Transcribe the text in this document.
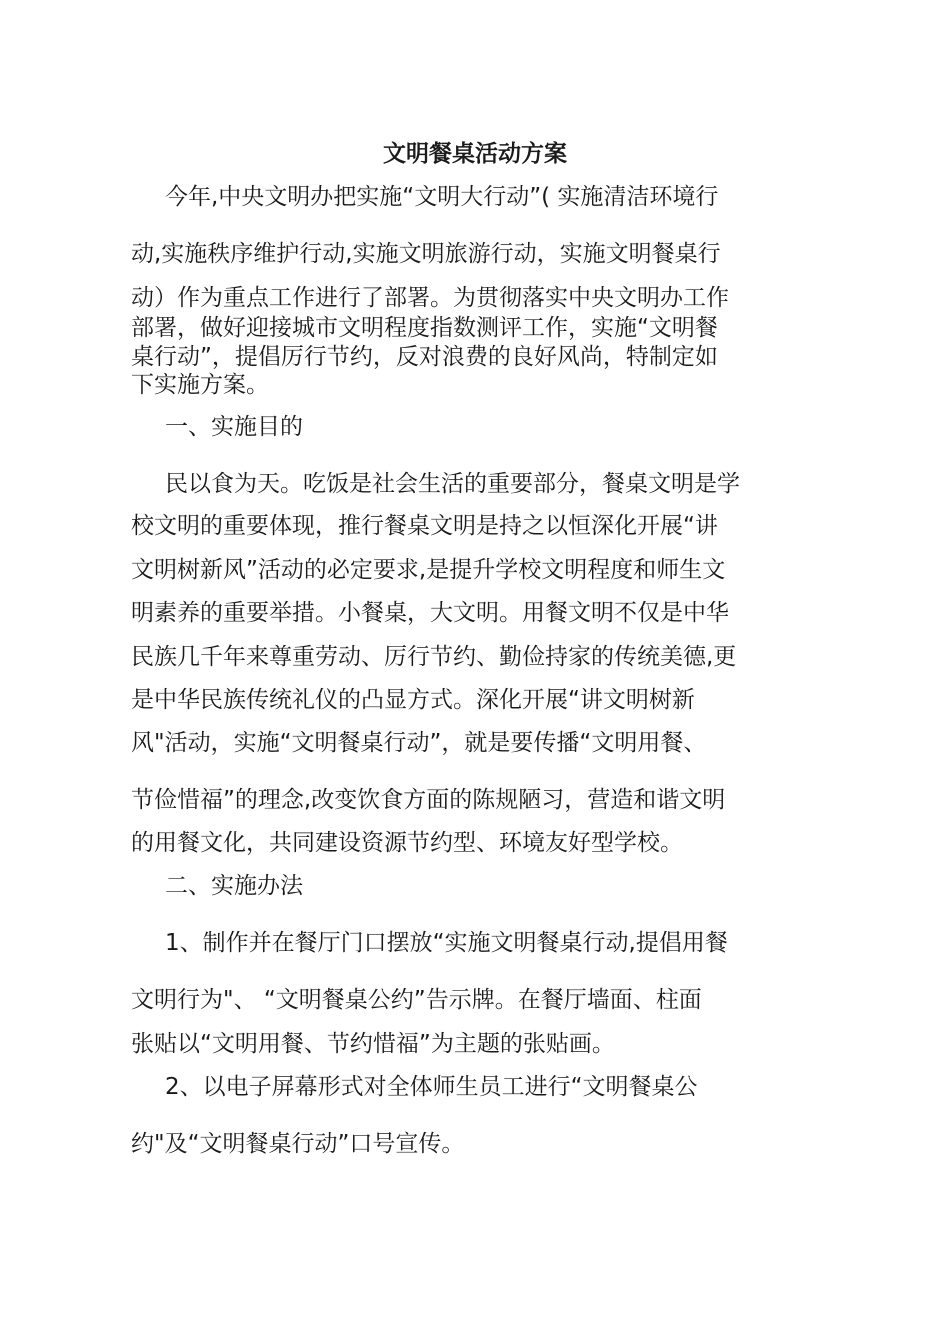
文明餐桌活动方案
今年,中央文明办把实施“文明大行动”( 实施清洁环境行
动,实施秩序维护行动,实施文明旅游行动，实施文明餐桌行
动）作为重点工作进行了部署。为贯彻落实中央文明办工作
部署，做好迎接城市文明程度指数测评工作，实施“文明餐
桌行动”，提倡厉行节约，反对浪费的良好风尚，特制定如
下实施方案。
一、实施目的
民以食为天。吃饭是社会生活的重要部分，餐桌文明是学
校文明的重要体现，推行餐桌文明是持之以恒深化开展“讲
文明树新风”活动的必定要求,是提升学校文明程度和师生文
明素养的重要举措。小餐桌，大文明。用餐文明不仅是中华
民族几千年来尊重劳动、厉行节约、勤俭持家的传统美德,更
是中华民族传统礼仪的凸显方式。深化开展“讲文明树新
风"活动，实施“文明餐桌行动”，就是要传播“文明用餐、
节俭惜福”的理念,改变饮食方面的陈规陋习，营造和谐文明
的用餐文化，共同建设资源节约型、环境友好型学校。
二、实施办法
1、制作并在餐厅门口摆放“实施文明餐桌行动,提倡用餐
文明行为"、 “文明餐桌公约”告示牌。在餐厅墙面、柱面
张贴以“文明用餐、节约惜福”为主题的张贴画。
2、以电子屏幕形式对全体师生员工进行“文明餐桌公
约"及“文明餐桌行动”口号宣传。
